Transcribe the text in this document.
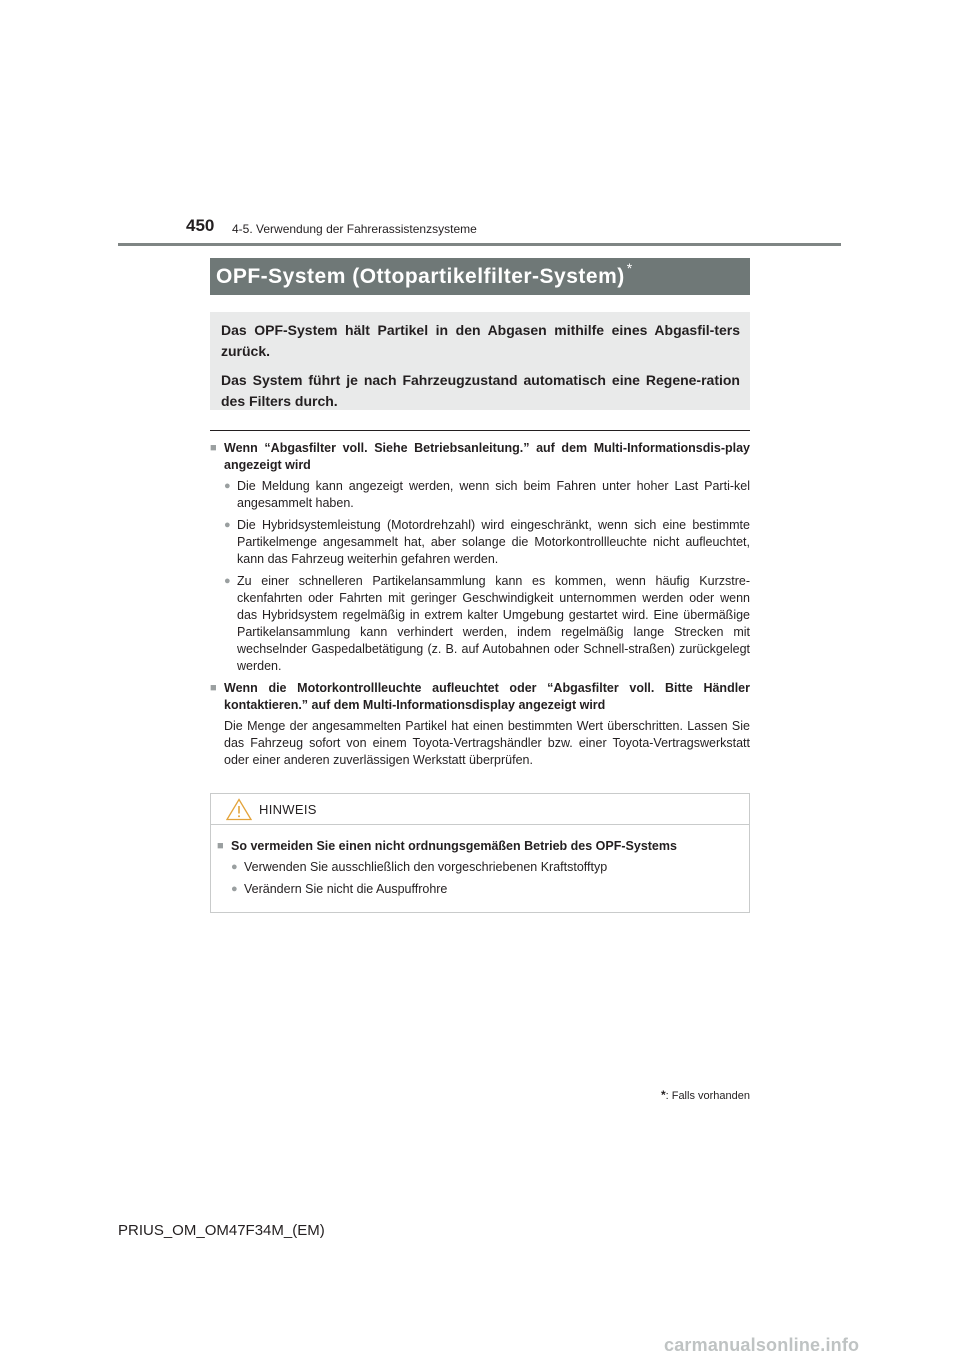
450 4-5. Verwendung der Fahrerassistenzsysteme
OPF-System (Ottopartikelfilter-System) *

Das OPF-System hält Partikel in den Abgasen mithilfe eines Abgasfil-ters zurück.

Das System führt je nach Fahrzeugzustand automatisch eine Regene-ration des Filters durch.

■ Wenn “Abgasfilter voll. Siehe Betriebsanleitung.” auf dem Multi-Informationsdis-play angezeigt wird
● Die Meldung kann angezeigt werden, wenn sich beim Fahren unter hoher Last Parti-kel angesammelt haben.
● Die Hybridsystemleistung (Motordrehzahl) wird eingeschränkt, wenn sich eine bestimmte Partikelmenge angesammelt hat, aber solange die Motorkontrollleuchte nicht aufleuchtet, kann das Fahrzeug weiterhin gefahren werden.
● Zu einer schnelleren Partikelansammlung kann es kommen, wenn häufig Kurzstre-ckenfahrten oder Fahrten mit geringer Geschwindigkeit unternommen werden oder wenn das Hybridsystem regelmäßig in extrem kalter Umgebung gestartet wird. Eine übermäßige Partikelansammlung kann verhindert werden, indem regelmäßig lange Strecken mit wechselnder Gaspedalbetätigung (z. B. auf Autobahnen oder Schnell-straßen) zurückgelegt werden.
■ Wenn die Motorkontrollleuchte aufleuchtet oder “Abgasfilter voll. Bitte Händler kontaktieren.” auf dem Multi-Informationsdisplay angezeigt wird

Die Menge der angesammelten Partikel hat einen bestimmten Wert überschritten. Lassen Sie das Fahrzeug sofort von einem Toyota-Vertragshändler bzw. einer Toyota-Vertragswerkstatt oder einer anderen zuverlässigen Werkstatt überprüfen.

HINWEIS
■ So vermeiden Sie einen nicht ordnungsgemäßen Betrieb des OPF-Systems
● Verwenden Sie ausschließlich den vorgeschriebenen Kraftstofftyp
● Verändern Sie nicht die Auspuffrohre
*: Falls vorhanden
PRIUS_OM_OM47F34M_(EM)
carmanualsonline.info
